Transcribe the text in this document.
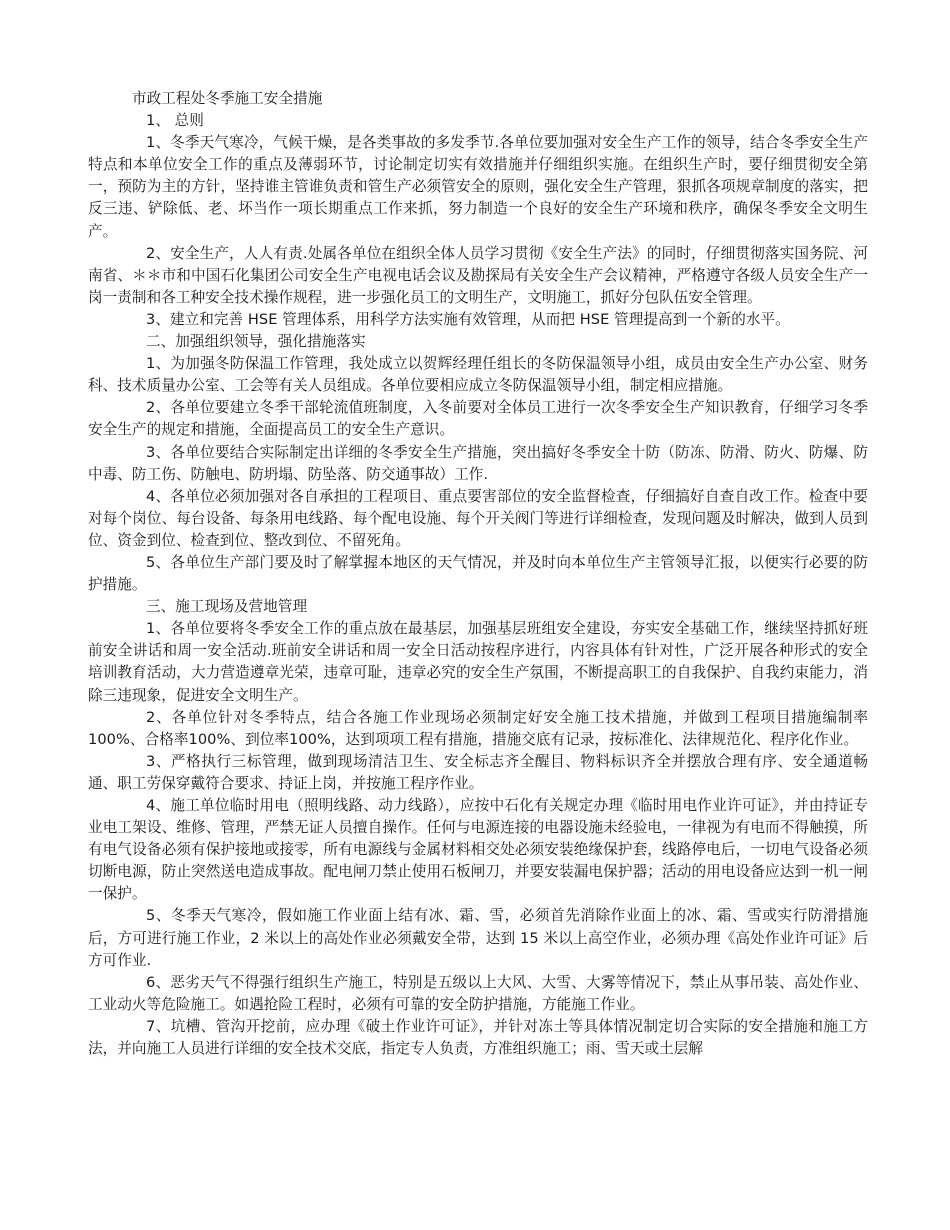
市政工程处冬季施工安全措施

1、 总则

1、冬季天气寒冷，气候干燥，是各类事故的多发季节.各单位要加强对安全生产工作的领导，结合冬季安全生产特点和本单位安全工作的重点及薄弱环节，讨论制定切实有效措施并仔细组织实施。在组织生产时，要仔细贯彻安全第一，预防为主的方针，坚持谁主管谁负责和管生产必须管安全的原则，强化安全生产管理，狠抓各项规章制度的落实，把反三违、铲除低、老、坏当作一项长期重点工作来抓，努力制造一个良好的安全生产环境和秩序，确保冬季安全文明生产。

2、安全生产，人人有责.处属各单位在组织全体人员学习贯彻《安全生产法》的同时，仔细贯彻落实国务院、河南省、＊＊市和中国石化集团公司安全生产电视电话会议及勘探局有关安全生产会议精神，严格遵守各级人员安全生产一岗一责制和各工种安全技术操作规程，进一步强化员工的文明生产，文明施工，抓好分包队伍安全管理。

3、建立和完善 HSE 管理体系，用科学方法实施有效管理，从而把 HSE 管理提高到一个新的水平。

二、加强组织领导，强化措施落实

1、为加强冬防保温工作管理，我处成立以贺辉经理任组长的冬防保温领导小组，成员由安全生产办公室、财务科、技术质量办公室、工会等有关人员组成。各单位要相应成立冬防保温领导小组，制定相应措施。

2、各单位要建立冬季干部轮流值班制度，入冬前要对全体员工进行一次冬季安全生产知识教育，仔细学习冬季安全生产的规定和措施，全面提高员工的安全生产意识。

3、各单位要结合实际制定出详细的冬季安全生产措施，突出搞好冬季安全十防（防冻、防滑、防火、防爆、防中毒、防工伤、防触电、防坍塌、防坠落、防交通事故）工作.

4、各单位必须加强对各自承担的工程项目、重点要害部位的安全监督检查，仔细搞好自查自改工作。检查中要对每个岗位、每台设备、每条用电线路、每个配电设施、每个开关阀门等进行详细检查，发现问题及时解决，做到人员到位、资金到位、检查到位、整改到位、不留死角。

5、各单位生产部门要及时了解掌握本地区的天气情况，并及时向本单位生产主管领导汇报，以便实行必要的防护措施。

三、施工现场及营地管理

1、各单位要将冬季安全工作的重点放在最基层，加强基层班组安全建设，夯实安全基础工作，继续坚持抓好班前安全讲话和周一安全活动.班前安全讲话和周一安全日活动按程序进行，内容具体有针对性，广泛开展各种形式的安全培训教育活动，大力营造遵章光荣，违章可耻，违章必究的安全生产氛围，不断提高职工的自我保护、自我约束能力，消除三违现象，促进安全文明生产。

2、各单位针对冬季特点，结合各施工作业现场必须制定好安全施工技术措施，并做到工程项目措施编制率100%、合格率100%、到位率100%，达到项项工程有措施，措施交底有记录，按标准化、法律规范化、程序化作业。

3、严格执行三标管理，做到现场清洁卫生、安全标志齐全醒目、物料标识齐全并摆放合理有序、安全通道畅通、职工劳保穿戴符合要求、持证上岗，并按施工程序作业。

4、施工单位临时用电（照明线路、动力线路），应按中石化有关规定办理《临时用电作业许可证》，并由持证专业电工架设、维修、管理，严禁无证人员擅自操作。任何与电源连接的电器设施未经验电，一律视为有电而不得触摸，所有电气设备必须有保护接地或接零，所有电源线与金属材料相交处必须安装绝缘保护套，线路停电后，一切电气设备必须切断电源，防止突然送电造成事故。配电闸刀禁止使用石板闸刀，并要安装漏电保护器；活动的用电设备应达到一机一闸一保护。

5、冬季天气寒冷，假如施工作业面上结有冰、霜、雪，必须首先消除作业面上的冰、霜、雪或实行防滑措施后，方可进行施工作业，2 米以上的高处作业必须戴安全带，达到 15 米以上高空作业，必须办理《高处作业许可证》后方可作业.

6、恶劣天气不得强行组织生产施工，特别是五级以上大风、大雪、大雾等情况下，禁止从事吊装、高处作业、工业动火等危险施工。如遇抢险工程时，必须有可靠的安全防护措施，方能施工作业。

7、坑槽、管沟开挖前，应办理《破土作业许可证》，并针对冻土等具体情况制定切合实际的安全措施和施工方法，并向施工人员进行详细的安全技术交底，指定专人负责，方准组织施工；雨、雪天或土层解
